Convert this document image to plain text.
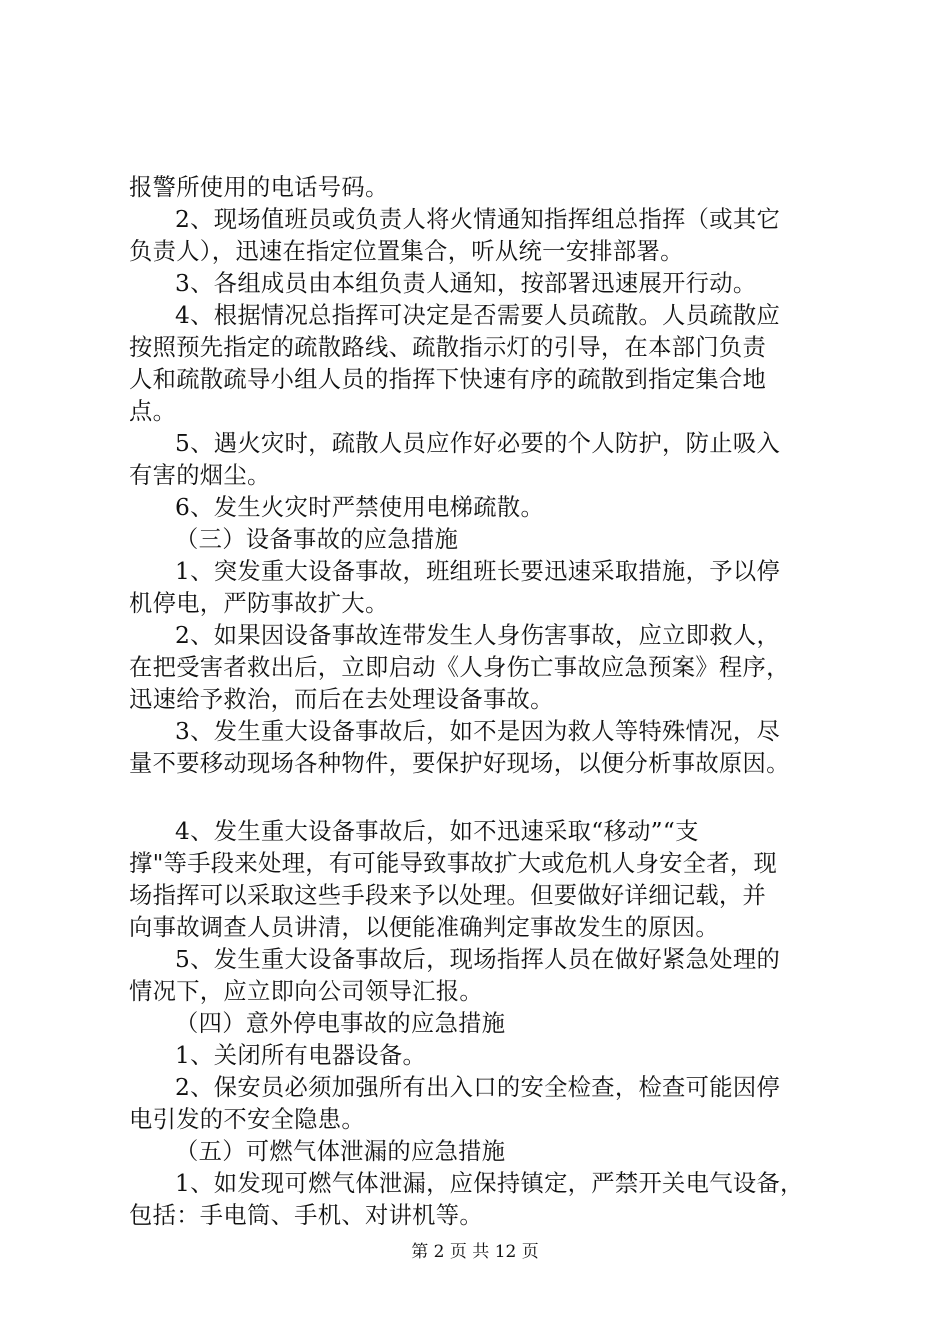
报警所使用的电话号码。
2、现场值班员或负责人将火情通知指挥组总指挥（或其它
负责人），迅速在指定位置集合，听从统一安排部署。
3、各组成员由本组负责人通知，按部署迅速展开行动。
4、根据情况总指挥可决定是否需要人员疏散。人员疏散应
按照预先指定的疏散路线、疏散指示灯的引导，在本部门负责
人和疏散疏导小组人员的指挥下快速有序的疏散到指定集合地
点。
5、遇火灾时，疏散人员应作好必要的个人防护，防止吸入
有害的烟尘。
6、发生火灾时严禁使用电梯疏散。
（三）设备事故的应急措施
1、突发重大设备事故，班组班长要迅速采取措施，予以停
机停电，严防事故扩大。
2、如果因设备事故连带发生人身伤害事故，应立即救人，
在把受害者救出后，立即启动《人身伤亡事故应急预案》程序，
迅速给予救治，而后在去处理设备事故。
3、发生重大设备事故后，如不是因为救人等特殊情况，尽
量不要移动现场各种物件，要保护好现场，以便分析事故原因。
4、发生重大设备事故后，如不迅速采取“移动”“支
撑"等手段来处理，有可能导致事故扩大或危机人身安全者，现
场指挥可以采取这些手段来予以处理。但要做好详细记载，并
向事故调查人员讲清，以便能准确判定事故发生的原因。
5、发生重大设备事故后，现场指挥人员在做好紧急处理的
情况下，应立即向公司领导汇报。
（四）意外停电事故的应急措施
1、关闭所有电器设备。
2、保安员必须加强所有出入口的安全检查，检查可能因停
电引发的不安全隐患。
（五）可燃气体泄漏的应急措施
1、如发现可燃气体泄漏，应保持镇定，严禁开关电气设备，
包括：手电筒、手机、对讲机等。
第 2 页 共 12 页
